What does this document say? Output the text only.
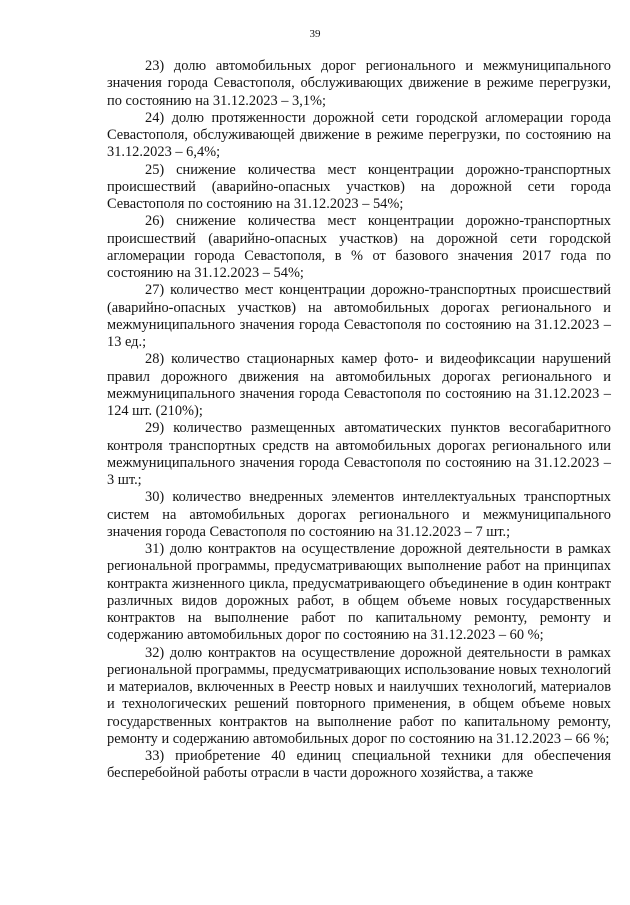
39

23) долю автомобильных дорог регионального и межмуниципального значения города Севастополя, обслуживающих движение в режиме перегрузки, по состоянию на 31.12.2023 – 3,1%;

24) долю протяженности дорожной сети городской агломерации города Севастополя, обслуживающей движение в режиме перегрузки, по состоянию на 31.12.2023 – 6,4%;

25) снижение количества мест концентрации дорожно-транспортных происшествий (аварийно-опасных участков) на дорожной сети города Севастополя по состоянию на 31.12.2023 – 54%;

26) снижение количества мест концентрации дорожно-транспортных происшествий (аварийно-опасных участков) на дорожной сети городской агломерации города Севастополя, в % от базового значения 2017 года по состоянию на 31.12.2023 – 54%;

27) количество мест концентрации дорожно-транспортных происшествий (аварийно-опасных участков) на автомобильных дорогах регионального и межмуниципального значения города Севастополя по состоянию на 31.12.2023 – 13 ед.;

28) количество стационарных камер фото- и видеофиксации нарушений правил дорожного движения на автомобильных дорогах регионального и межмуниципального значения города Севастополя по состоянию на 31.12.2023 – 124 шт. (210%);

29) количество размещенных автоматических пунктов весогабаритного контроля транспортных средств на автомобильных дорогах регионального или межмуниципального значения города Севастополя по состоянию на 31.12.2023 – 3 шт.;

30) количество внедренных элементов интеллектуальных транспортных систем на автомобильных дорогах регионального и межмуниципального значения города Севастополя по состоянию на 31.12.2023 – 7 шт.;

31) долю контрактов на осуществление дорожной деятельности в рамках региональной программы, предусматривающих выполнение работ на принципах контракта жизненного цикла, предусматривающего объединение в один контракт различных видов дорожных работ, в общем объеме новых государственных контрактов на выполнение работ по капитальному ремонту, ремонту и содержанию автомобильных дорог по состоянию на 31.12.2023 – 60 %;

32) долю контрактов на осуществление дорожной деятельности в рамках региональной программы, предусматривающих использование новых технологий и материалов, включенных в Реестр новых и наилучших технологий, материалов и технологических решений повторного применения, в общем объеме новых государственных контрактов на выполнение работ по капитальному ремонту, ремонту и содержанию автомобильных дорог по состоянию на 31.12.2023 – 66 %;

33) приобретение 40 единиц специальной техники для обеспечения бесперебойной работы отрасли в части дорожного хозяйства, а также
